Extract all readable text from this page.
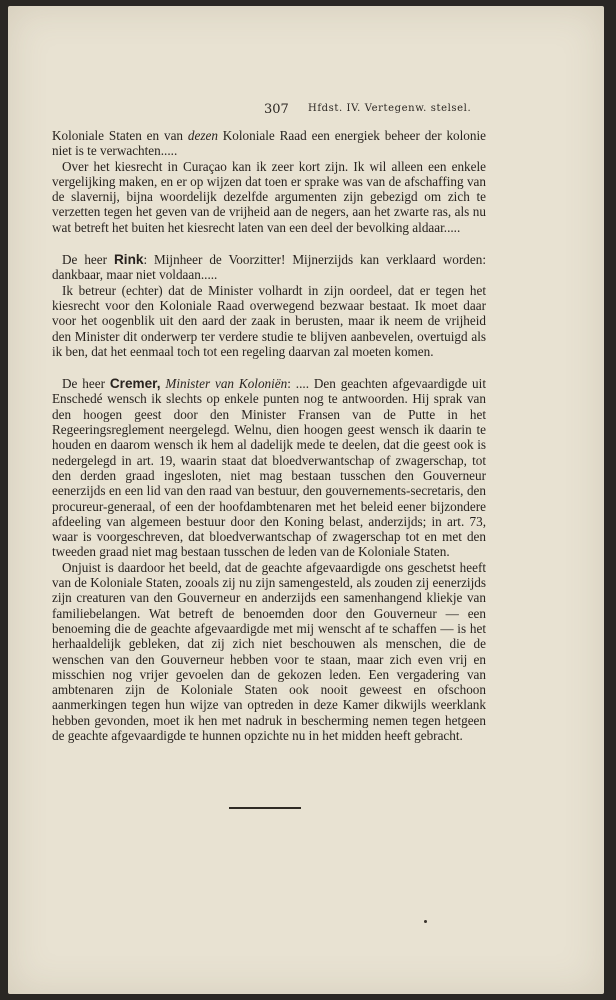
307 Hfdst. IV. Vertegenw. stelsel.

Koloniale Staten en van dezen Koloniale Raad een energiek beheer der kolonie niet is te verwachten.....

Over het kiesrecht in Curaçao kan ik zeer kort zijn. Ik wil alleen een enkele vergelijking maken, en er op wijzen dat toen er sprake was van de afschaffing van de slavernij, bijna woordelijk dezelfde argumenten zijn gebezigd om zich te verzetten tegen het geven van de vrijheid aan de negers, aan het zwarte ras, als nu wat betreft het buiten het kiesrecht laten van een deel der bevolking aldaar.....

De heer Rink: Mijnheer de Voorzitter! Mijnerzijds kan verklaard worden: dankbaar, maar niet voldaan.....

Ik betreur (echter) dat de Minister volhardt in zijn oordeel, dat er tegen het kiesrecht voor den Koloniale Raad overwegend bezwaar bestaat. Ik moet daar voor het oogenblik uit den aard der zaak in berusten, maar ik neem de vrijheid den Minister dit onderwerp ter verdere studie te blijven aanbevelen, overtuigd als ik ben, dat het eenmaal toch tot een regeling daarvan zal moeten komen.

De heer Cremer, Minister van Koloniën: .... Den geachten afgevaardigde uit Enschedé wensch ik slechts op enkele punten nog te antwoorden. Hij sprak van den hoogen geest door den Minister Fransen van de Putte in het Regeeringsreglement neergelegd. Welnu, dien hoogen geest wensch ik daarin te houden en daarom wensch ik hem al dadelijk mede te deelen, dat die geest ook is nedergelegd in art. 19, waarin staat dat bloedverwantschap of zwagerschap, tot den derden graad ingesloten, niet mag bestaan tusschen den Gouverneur eenerzijds en een lid van den raad van bestuur, den gouvernements-secretaris, den procureur-generaal, of een der hoofdambtenaren met het beleid eener bijzondere afdeeling van algemeen bestuur door den Koning belast, anderzijds; in art. 73, waar is voorgeschreven, dat bloedverwantschap of zwagerschap tot en met den tweeden graad niet mag bestaan tusschen de leden van de Koloniale Staten.

Onjuist is daardoor het beeld, dat de geachte afgevaardigde ons geschetst heeft van de Koloniale Staten, zooals zij nu zijn samengesteld, als zouden zij eenerzijds zijn creaturen van den Gouverneur en anderzijds een samenhangend kliekje van familiebelangen. Wat betreft de benoemden door den Gouverneur — een benoeming die de geachte afgevaardigde met mij wenscht af te schaffen — is het herhaaldelijk gebleken, dat zij zich niet beschouwen als menschen, die de wenschen van den Gouverneur hebben voor te staan, maar zich even vrij en misschien nog vrijer gevoelen dan de gekozen leden. Een vergadering van ambtenaren zijn de Koloniale Staten ook nooit geweest en ofschoon aanmerkingen tegen hun wijze van optreden in deze Kamer dikwijls weerklank hebben gevonden, moet ik hen met nadruk in bescherming nemen tegen hetgeen de geachte afgevaardigde te hunnen opzichte nu in het midden heeft gebracht.
